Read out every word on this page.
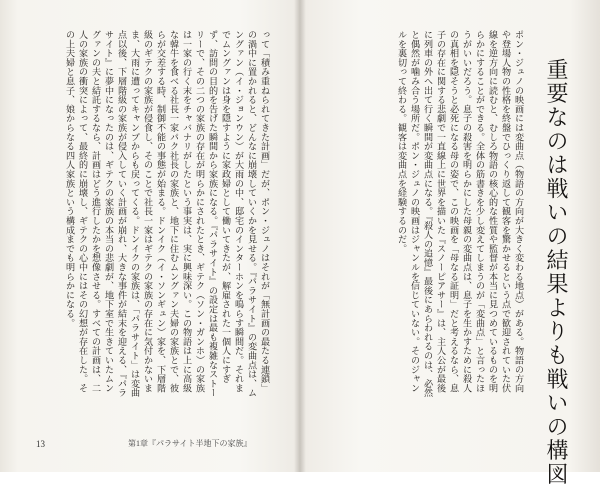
って「積み重ねられてきた計画」だが、ポン・ジュノはそれが「無計画の最たる連鎖」の渦中に置かれると、どんなに崩壊していくかを見せる。『パラサイト』の変曲点は、ムングァン（イ・ジョンウン）が大雨の中、邸宅のインターホンを鳴らす瞬間だ。それまでムングァンは身を隠すように家政婦として働いてきたが、解雇された一個人にすぎず、訪問の目的を告げた瞬間から家族になる。『パラサイト』の設定は最も複雑なストーリーで、その二つの家族の存在が明らかにされたとき、ギテク（ソン・ガンホ）の家族は一家の行く末をチャバナリがしたという事実は、実に興味深い。この物語は上に高級な韓牛を食べる社長一家パク社長の家族と、地下に住むムングァン夫婦の家族とで、彼らが交差する時、制御不能の事態が始まる。ドンイク（イ・ソンギュン）家を、下層階級のギテクの家族が侵食し、そのことで社長一家はギテクの家族の存在に気付かないまま、大雨に遭ってキャンプからも戻ってくる。ドンイクの家族は、「パラサイト」は変曲点以後、下層階級の家族が侵入していく計画が崩れ、大きな事件が結末を迎える、『パラサイト』に夢中になったのは、ギテクの家族の本当の悲劇が、地下室で生きていたムングァンの夫と結託するなら、計画はどう進行したかを想像させる。すべての計画は、二人の家族の衝突によって、最終的に崩壊し、ギテクの心中にはその幻想が存在した。その上夫婦と息子、娘からなる四人家族という構成までも明らかになる。
第1章『パラサイト半地下の家族』
13	重要なのは戦いの結果よりも戦いの構図
ポン・ジュノの映画には変曲点（物語の方向が大きく変わる地点）がある。物語の方向や登場人物の性格を終盤でひっくり返して観客を驚かせるという点で歓迎されていた伏線を逆方向に読むと、むしろ物語の核心的な性質や監督が本当に見つめているものを明らかにすることができる。全体の筋書きを少し変えてしまうのが「変曲点」と言ったほうがいいだろう。息子の殺害を明らかにした母親の変曲点は、息子を生かすために殺人の真相を隠そうと必死になる母の姿で、この映画を「母なる証明」だと考えるなら、息子の存在に関する悲劇で一直線上に世界を描いた『スノーピアサー』は、主人公が最後に列車の外へ出て行く瞬間が変曲点になる。『殺人の追憶』最後にあらわれるのは、必然と偶然が噛み合う場所だ。ポン・ジュノの映画はジャンルを信じていない。そのジャンルを裏切って終わる。観客は変曲点を経験するのだ。
